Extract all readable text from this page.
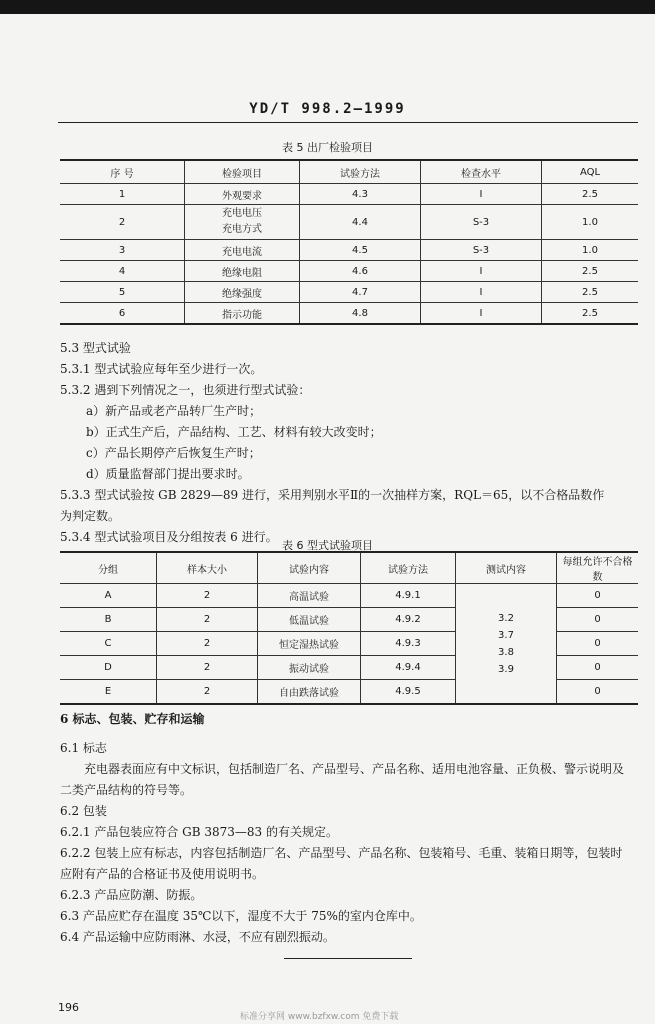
YD/T 998.2—1999
表 5 出厂检验项目
序 号	检验项目	试验方法	检查水平	AQL
1	外观要求	4.3	Ⅰ	2.5
2	充电电压
充电方式	4.4	S-3	1.0
3	充电电流	4.5	S-3	1.0
4	绝缘电阻	4.6	Ⅰ	2.5
5	绝缘强度	4.7	Ⅰ	2.5
6	指示功能	4.8	Ⅰ	2.5
5.3 型式试验
5.3.1 型式试验应每年至少进行一次。
5.3.2 遇到下列情况之一，也须进行型式试验：
a）新产品或老产品转厂生产时；
b）正式生产后，产品结构、工艺、材料有较大改变时；
c）产品长期停产后恢复生产时；
d）质量监督部门提出要求时。
5.3.3 型式试验按 GB 2829—89 进行，采用判别水平Ⅱ的一次抽样方案，RQL＝65，以不合格品数作
为判定数。
5.3.4 型式试验项目及分组按表 6 进行。
表 6 型式试验项目
分组	样本大小	试验内容	试验方法	测试内容	每组允许不合格数
A	2	高温试验	4.9.1	3.2
3.7
3.8
3.9	0
B	2	低温试验	4.9.2		0
C	2	恒定湿热试验	4.9.3		0
D	2	振动试验	4.9.4		0
E	2	自由跌落试验	4.9.5		0
6 标志、包装、贮存和运输
6.1 标志
充电器表面应有中文标识，包括制造厂名、产品型号、产品名称、适用电池容量、正负极、警示说明及
二类产品结构的符号等。
6.2 包装
6.2.1 产品包装应符合 GB 3873—83 的有关规定。
6.2.2 包装上应有标志，内容包括制造厂名、产品型号、产品名称、包装箱号、毛重、装箱日期等，包装时
应附有产品的合格证书及使用说明书。
6.2.3 产品应防潮、防振。
6.3 产品应贮存在温度 35℃以下，湿度不大于 75%的室内仓库中。
6.4 产品运输中应防雨淋、水浸，不应有剧烈振动。
196
标准分享网 www.bzfxw.com 免费下载
